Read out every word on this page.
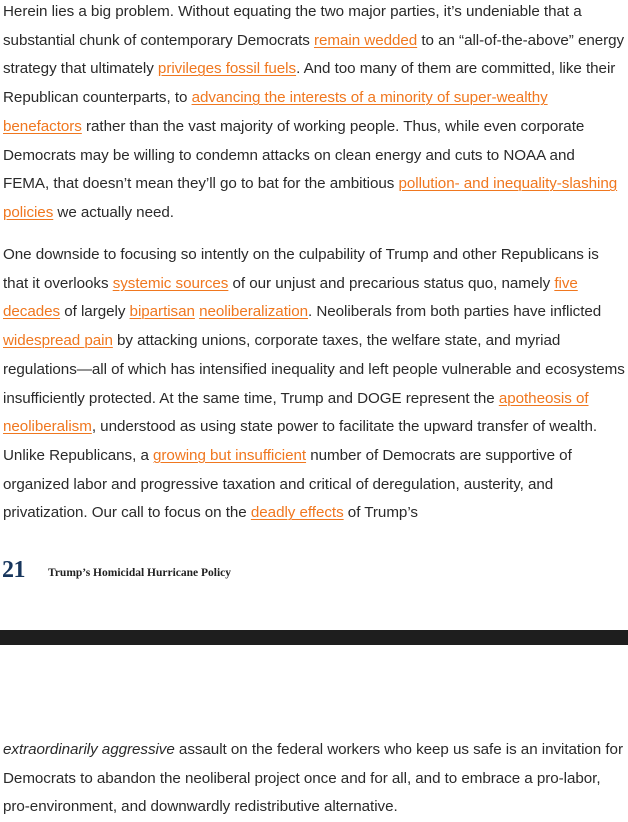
Herein lies a big problem. Without equating the two major parties, it’s undeniable that a substantial chunk of contemporary Democrats remain wedded to an “all-of-the-above” energy strategy that ultimately privileges fossil fuels. And too many of them are committed, like their Republican counterparts, to advancing the interests of a minority of super-wealthy benefactors rather than the vast majority of working people. Thus, while even corporate Democrats may be willing to condemn attacks on clean energy and cuts to NOAA and FEMA, that doesn’t mean they’ll go to bat for the ambitious pollution- and inequality-slashing policies we actually need.

One downside to focusing so intently on the culpability of Trump and other Republicans is that it overlooks systemic sources of our unjust and precarious status quo, namely five decades of largely bipartisan neoliberalization. Neoliberals from both parties have inflicted widespread pain by attacking unions, corporate taxes, the welfare state, and myriad regulations—all of which has intensified inequality and left people vulnerable and ecosystems insufficiently protected. At the same time, Trump and DOGE represent the apotheosis of neoliberalism, understood as using state power to facilitate the upward transfer of wealth. Unlike Republicans, a growing but insufficient number of Democrats are supportive of organized labor and progressive taxation and critical of deregulation, austerity, and privatization. Our call to focus on the deadly effects of Trump’s

21 Trump’s Homicidal Hurricane Policy

extraordinarily aggressive assault on the federal workers who keep us safe is an invitation for Democrats to abandon the neoliberal project once and for all, and to embrace a pro-labor, pro-environment, and downwardly redistributive alternative.
